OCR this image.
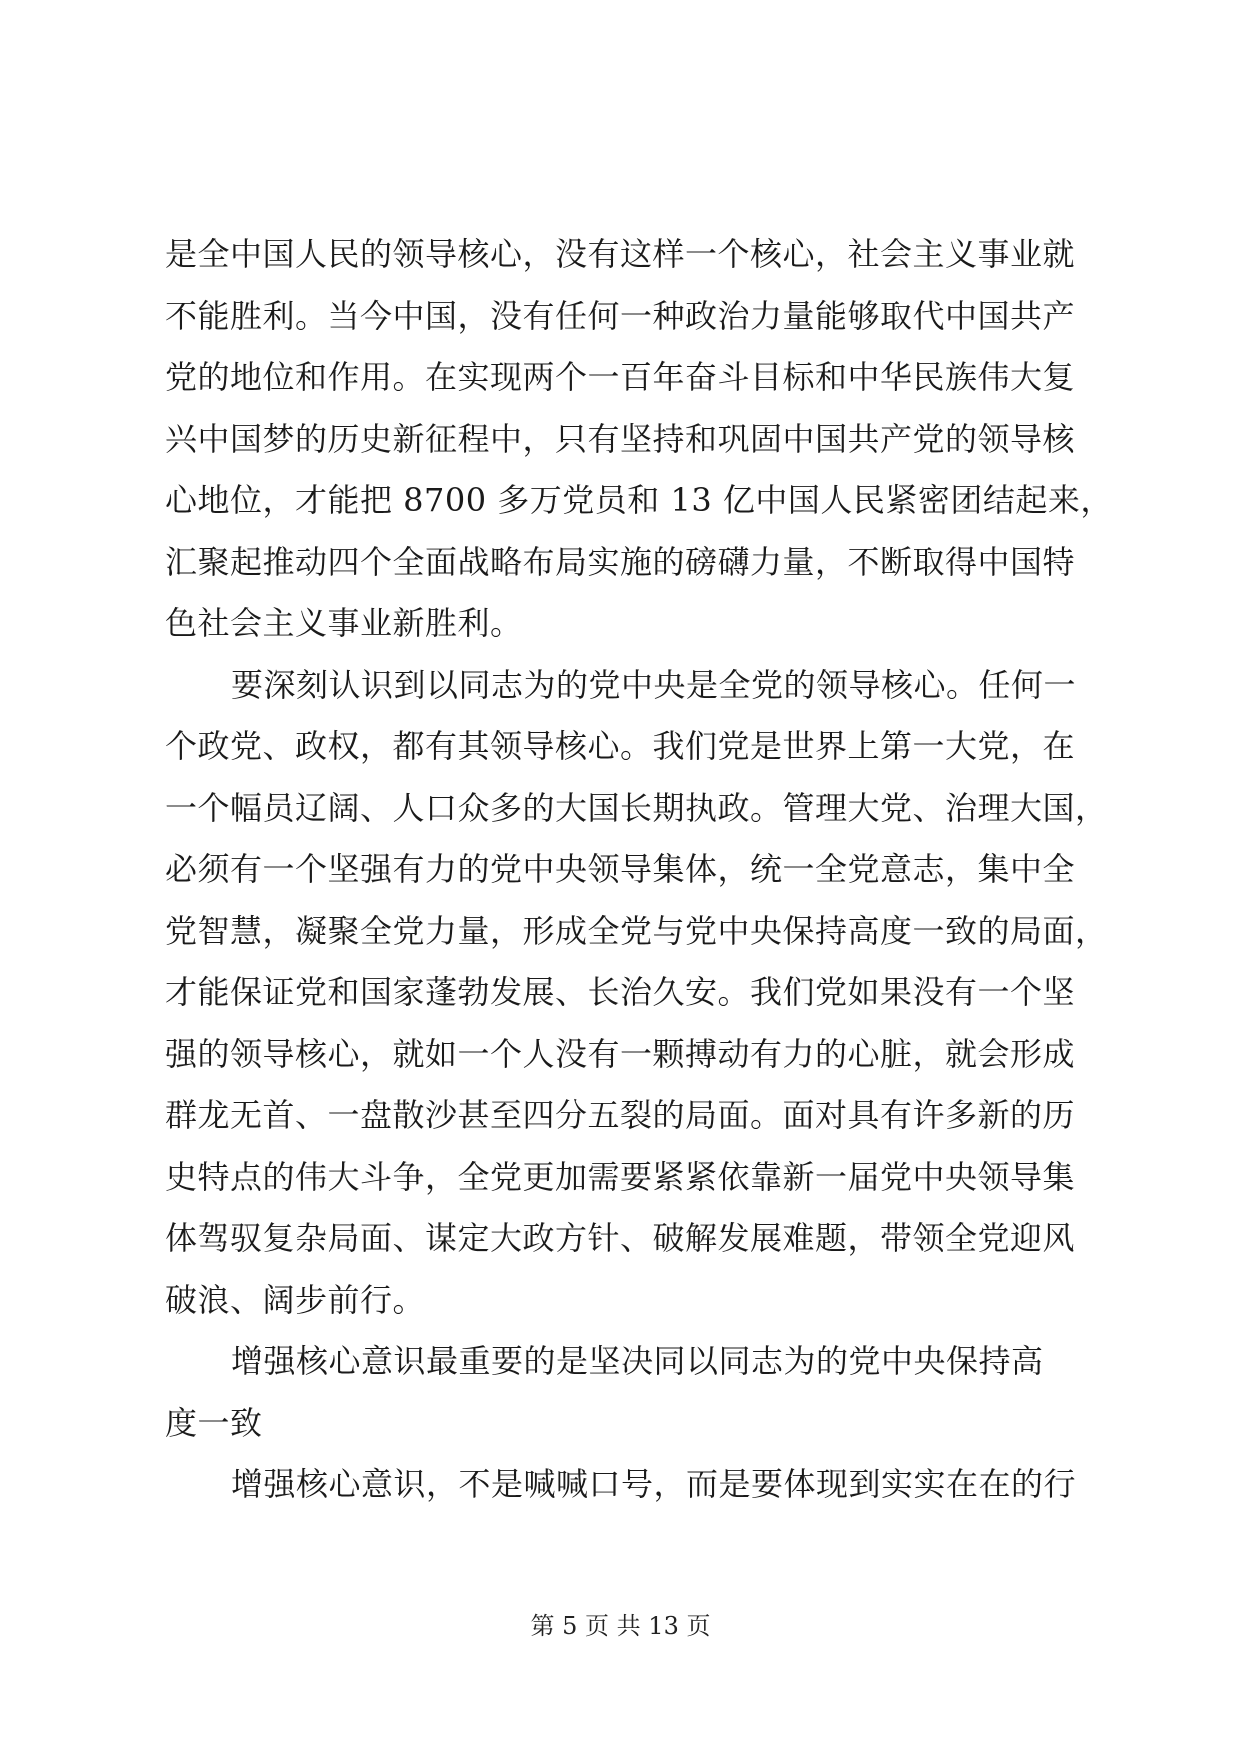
是全中国人民的领导核心，没有这样一个核心，社会主义事业就
不能胜利。当今中国，没有任何一种政治力量能够取代中国共产
党的地位和作用。在实现两个一百年奋斗目标和中华民族伟大复
兴中国梦的历史新征程中，只有坚持和巩固中国共产党的领导核
心地位，才能把 8700 多万党员和 13 亿中国人民紧密团结起来，
汇聚起推动四个全面战略布局实施的磅礴力量，不断取得中国特
色社会主义事业新胜利。
要深刻认识到以同志为的党中央是全党的领导核心。任何一
个政党、政权，都有其领导核心。我们党是世界上第一大党，在
一个幅员辽阔、人口众多的大国长期执政。管理大党、治理大国，
必须有一个坚强有力的党中央领导集体，统一全党意志，集中全
党智慧，凝聚全党力量，形成全党与党中央保持高度一致的局面，
才能保证党和国家蓬勃发展、长治久安。我们党如果没有一个坚
强的领导核心，就如一个人没有一颗搏动有力的心脏，就会形成
群龙无首、一盘散沙甚至四分五裂的局面。面对具有许多新的历
史特点的伟大斗争，全党更加需要紧紧依靠新一届党中央领导集
体驾驭复杂局面、谋定大政方针、破解发展难题，带领全党迎风
破浪、阔步前行。
增强核心意识最重要的是坚决同以同志为的党中央保持高
度一致
增强核心意识，不是喊喊口号，而是要体现到实实在在的行
第 5 页 共 13 页
